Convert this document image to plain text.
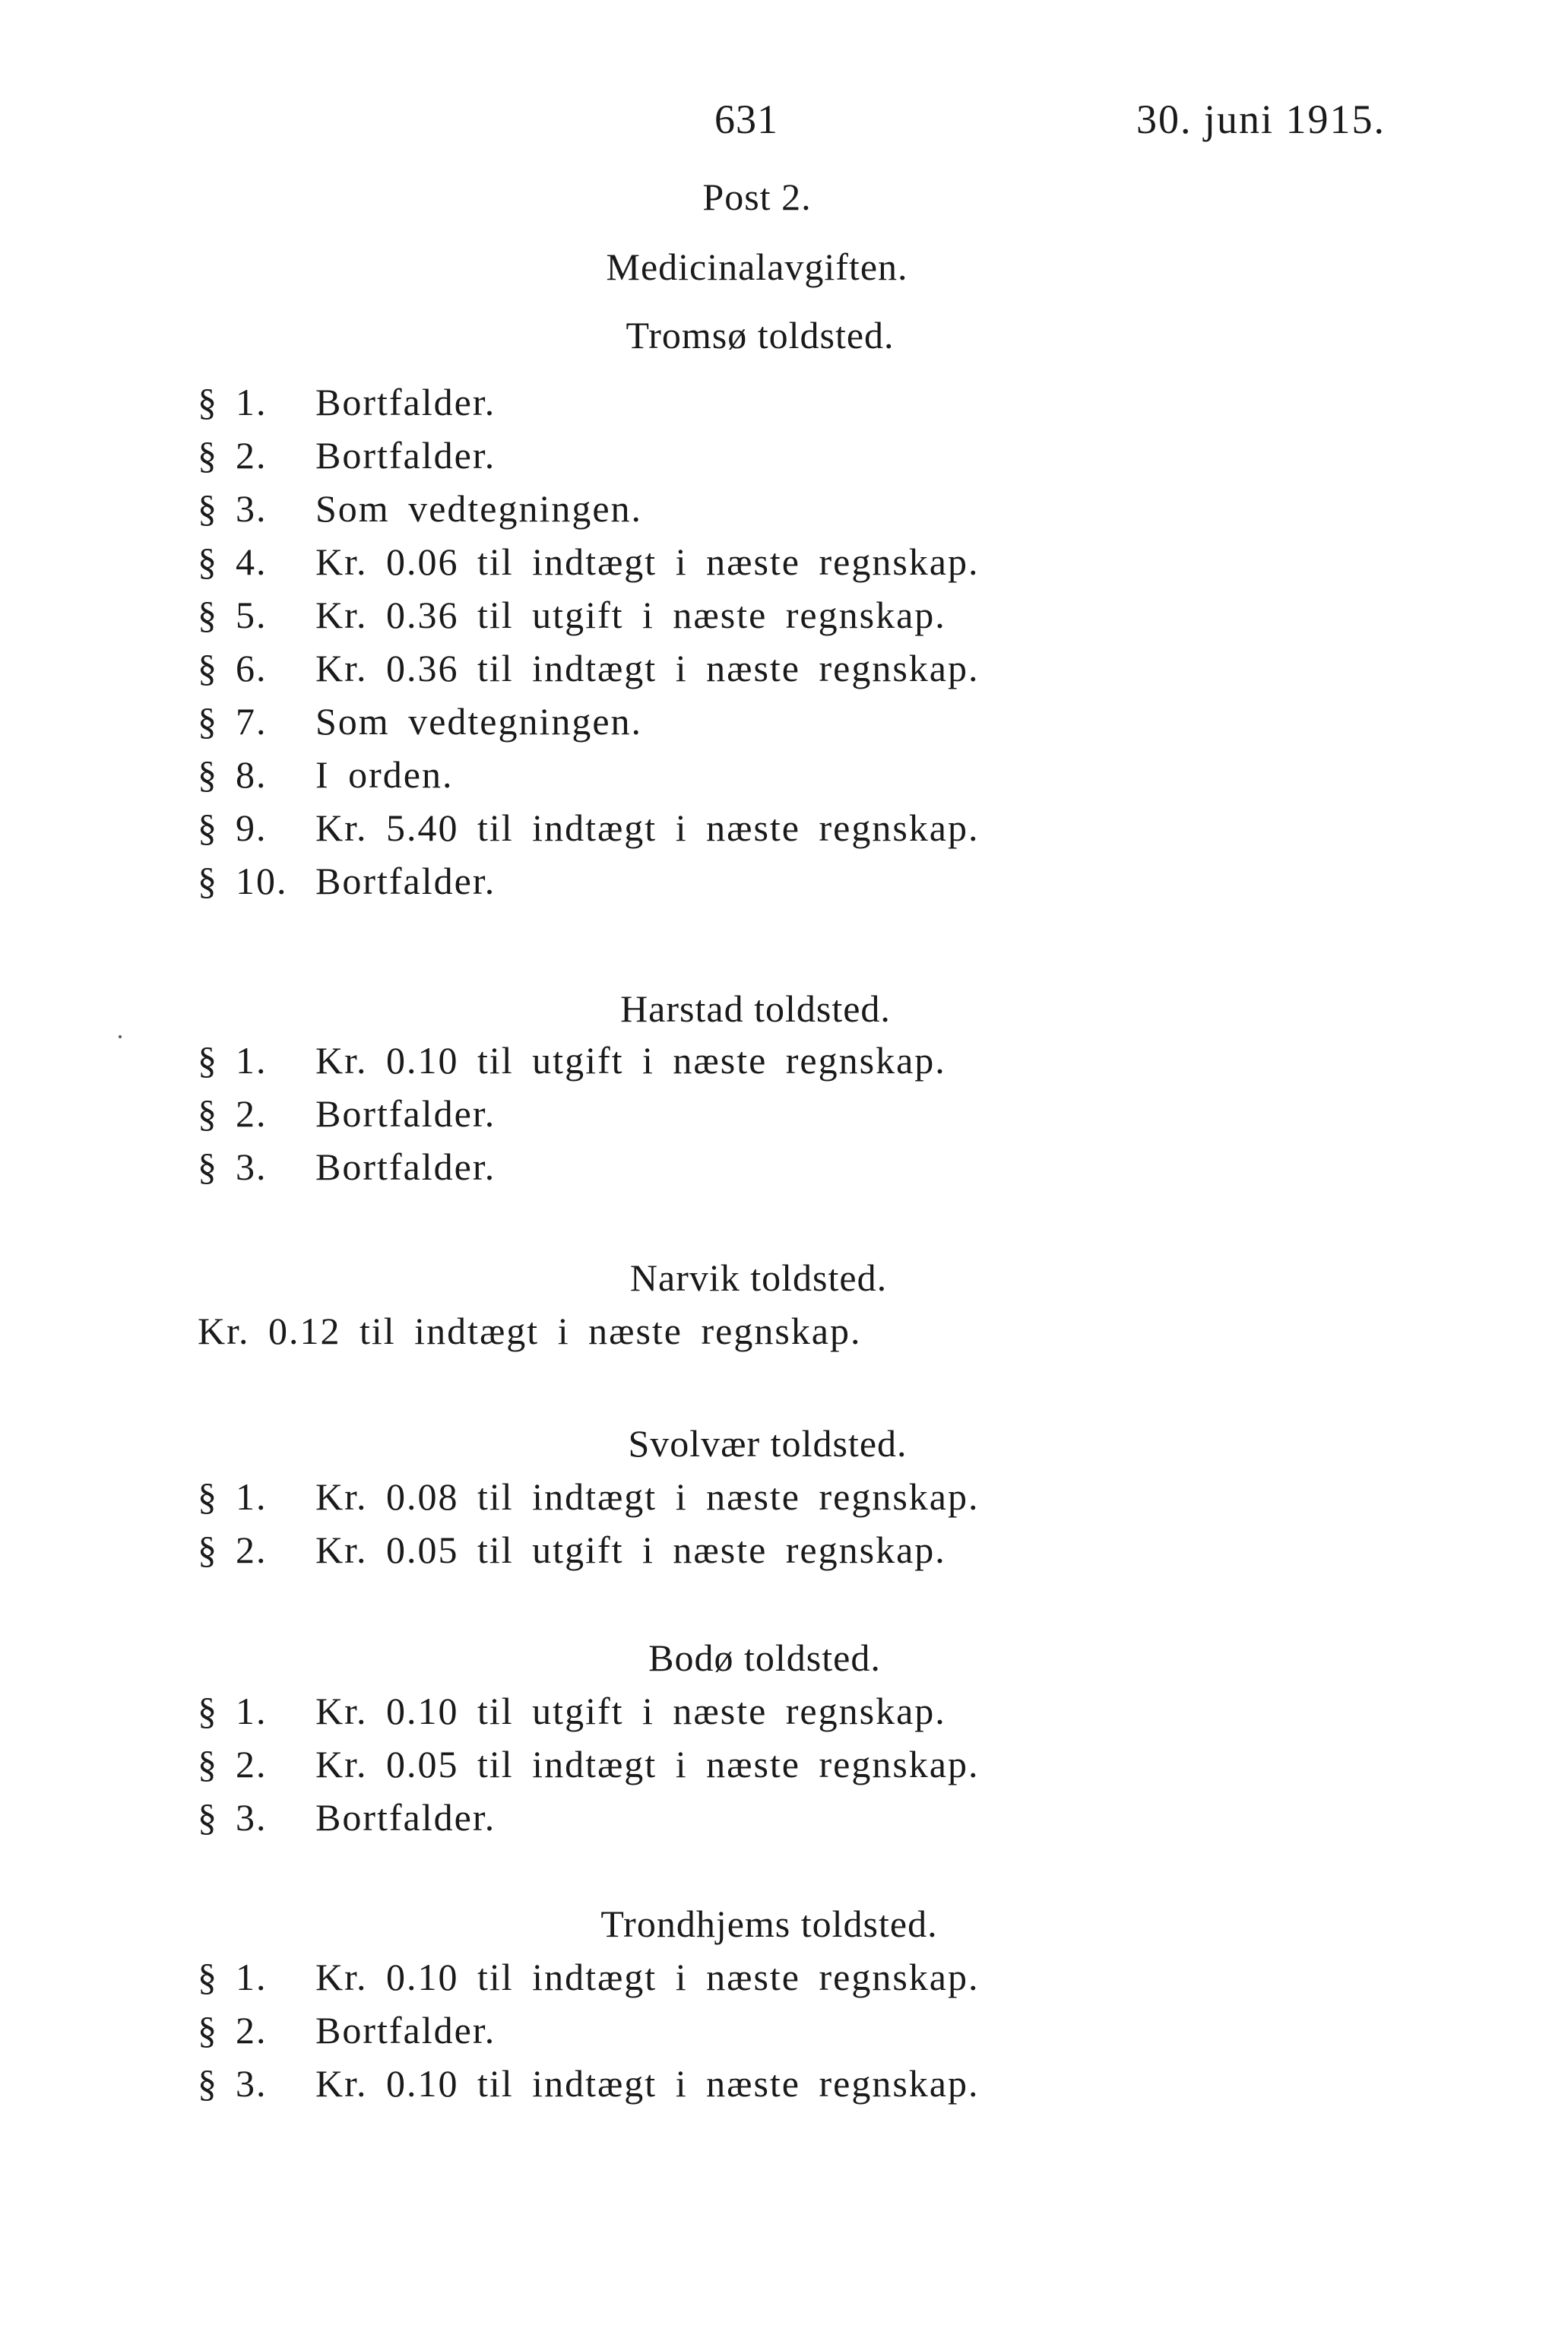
631	30. juni 1915.
Post 2.
Medicinalavgiften.
Tromsø toldsted.
§ 1. Bortfalder.
§ 2. Bortfalder.
§ 3. Som vedtegningen.
§ 4. Kr. 0.06 til indtægt i næste regnskap.
§ 5. Kr. 0.36 til utgift i næste regnskap.
§ 6. Kr. 0.36 til indtægt i næste regnskap.
§ 7. Som vedtegningen.
§ 8. I orden.
§ 9. Kr. 5.40 til indtægt i næste regnskap.
§ 10. Bortfalder.
Harstad toldsted.
§ 1. Kr. 0.10 til utgift i næste regnskap.
§ 2. Bortfalder.
§ 3. Bortfalder.
Narvik toldsted.
Kr. 0.12 til indtægt i næste regnskap.
Svolvær toldsted.
§ 1. Kr. 0.08 til indtægt i næste regnskap.
§ 2. Kr. 0.05 til utgift i næste regnskap.
Bodø toldsted.
§ 1. Kr. 0.10 til utgift i næste regnskap.
§ 2. Kr. 0.05 til indtægt i næste regnskap.
§ 3. Bortfalder.
Trondhjems toldsted.
§ 1. Kr. 0.10 til indtægt i næste regnskap.
§ 2. Bortfalder.
§ 3. Kr. 0.10 til indtægt i næste regnskap.
